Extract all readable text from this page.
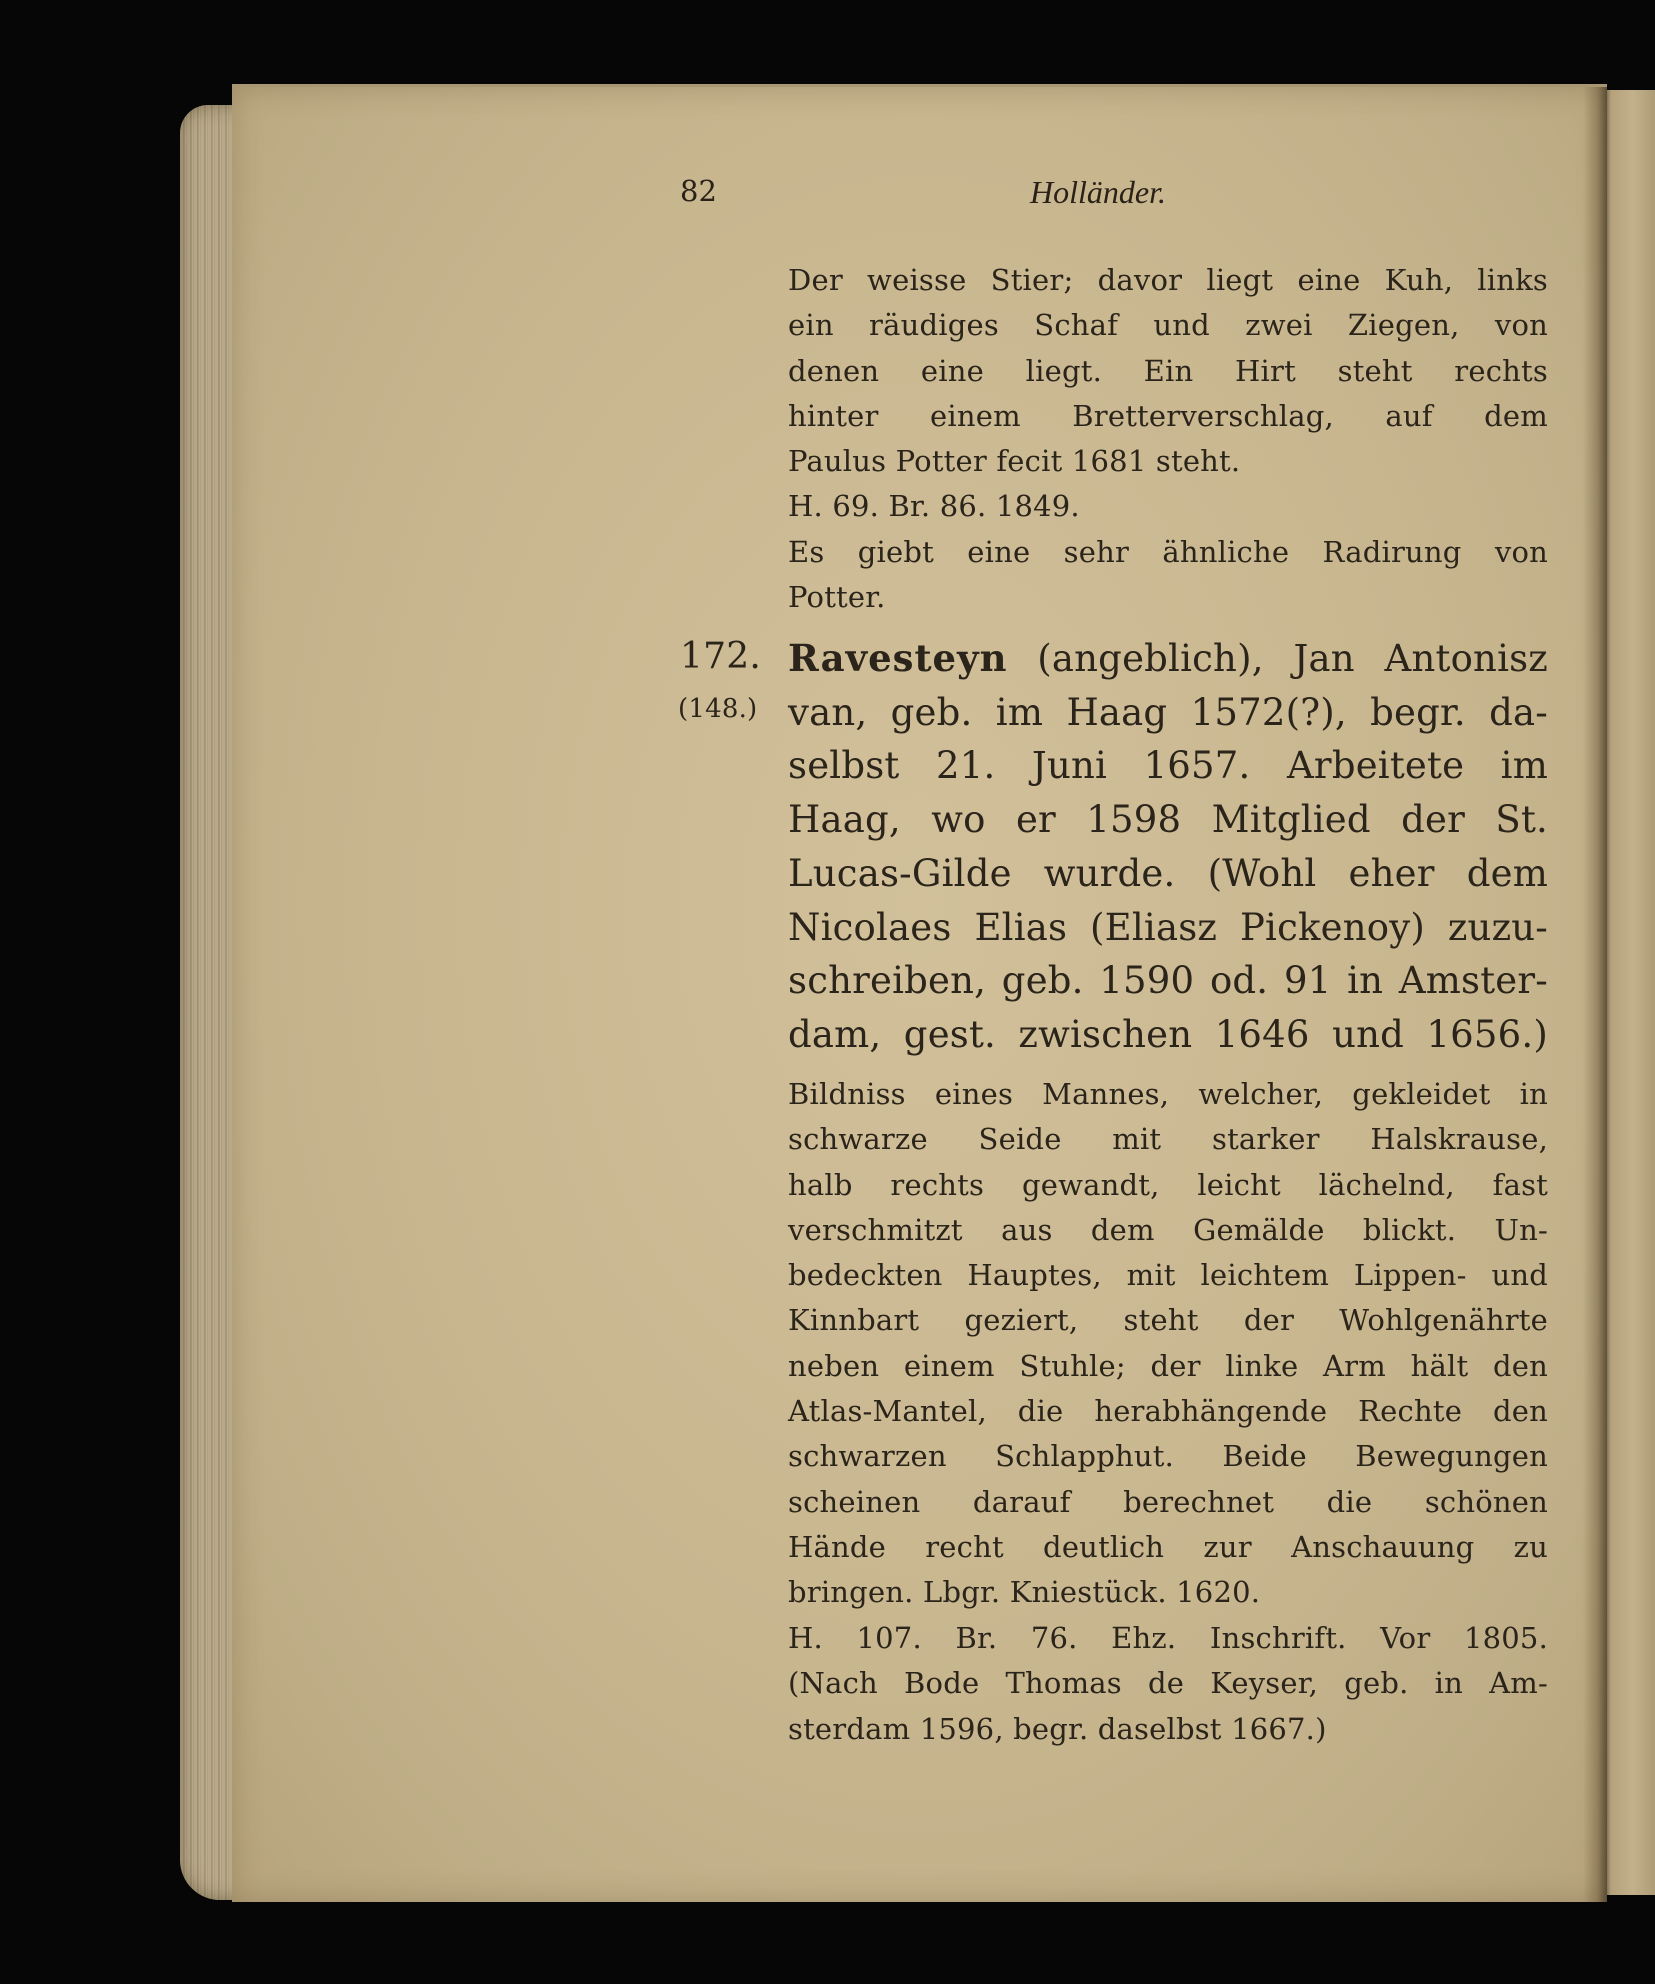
82	Holländer.
Der weisse Stier; davor liegt eine Kuh, links
ein räudiges Schaf und zwei Ziegen, von
denen eine liegt. Ein Hirt steht rechts
hinter einem Bretterverschlag, auf dem
Paulus Potter fecit 1681 steht.
H. 69. Br. 86. 1849.
Es giebt eine sehr ähnliche Radirung von
Potter.
172.
(148.)
Ravesteyn (angeblich), Jan Antonisz
van, geb. im Haag 1572(?), begr. da-
selbst 21. Juni 1657. Arbeitete im
Haag, wo er 1598 Mitglied der St.
Lucas-Gilde wurde. (Wohl eher dem
Nicolaes Elias (Eliasz Pickenoy) zuzu-
schreiben, geb. 1590 od. 91 in Amster-
dam, gest. zwischen 1646 und 1656.)
Bildniss eines Mannes, welcher, gekleidet in
schwarze Seide mit starker Halskrause,
halb rechts gewandt, leicht lächelnd, fast
verschmitzt aus dem Gemälde blickt. Un-
bedeckten Hauptes, mit leichtem Lippen- und
Kinnbart geziert, steht der Wohlgenährte
neben einem Stuhle; der linke Arm hält den
Atlas-Mantel, die herabhängende Rechte den
schwarzen Schlapphut. Beide Bewegungen
scheinen darauf berechnet die schönen
Hände recht deutlich zur Anschauung zu
bringen. Lbgr. Kniestück. 1620.
H. 107. Br. 76. Ehz. Inschrift. Vor 1805.
(Nach Bode Thomas de Keyser, geb. in Am-
sterdam 1596, begr. daselbst 1667.)
